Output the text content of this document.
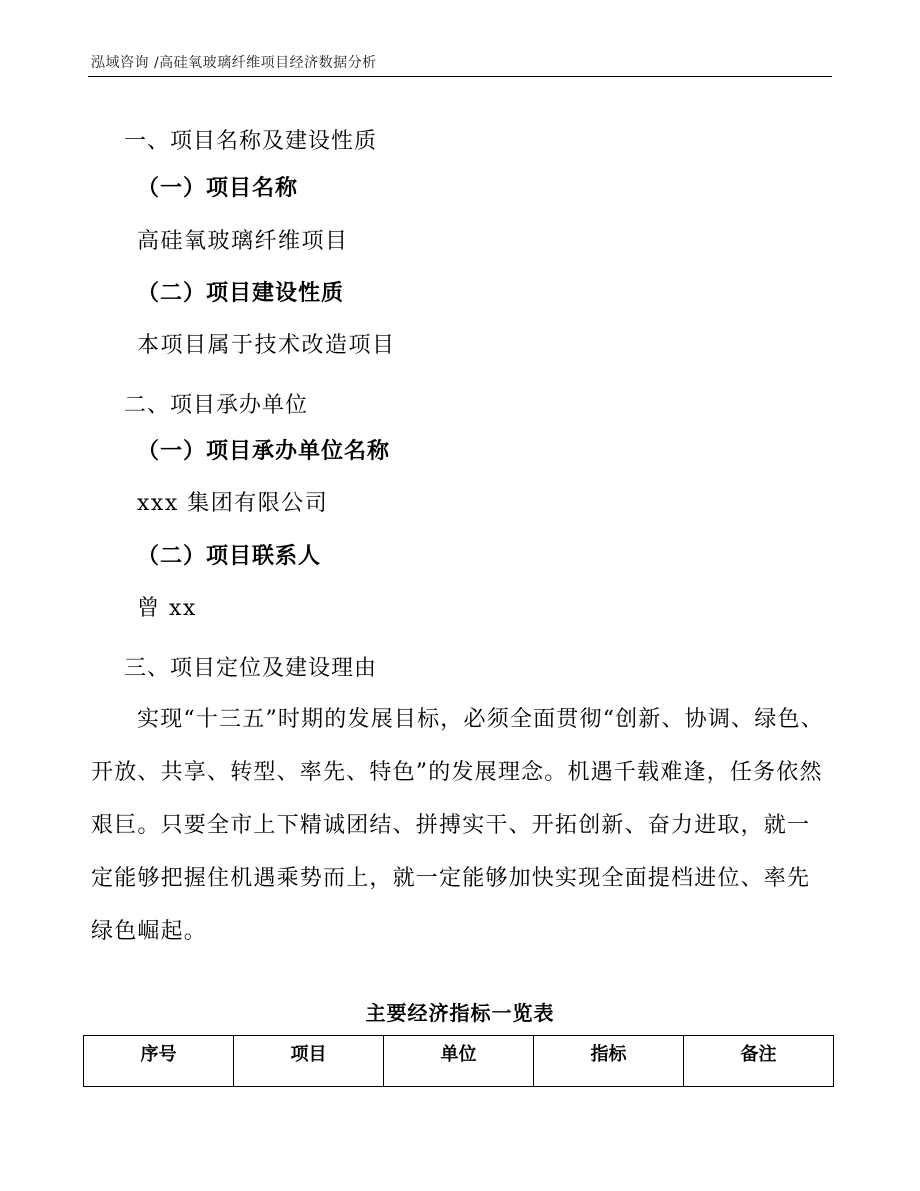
泓域咨询 /高硅氧玻璃纤维项目经济数据分析
一、项目名称及建设性质
（一）项目名称
高硅氧玻璃纤维项目
（二）项目建设性质
本项目属于技术改造项目
二、项目承办单位
（一）项目承办单位名称
xxx 集团有限公司
（二）项目联系人
曾 xx
三、项目定位及建设理由

实现“十三五”时期的发展目标，必须全面贯彻“创新、协调、绿色、开放、共享、转型、率先、特色”的发展理念。机遇千载难逢，任务依然艰巨。只要全市上下精诚团结、拼搏实干、开拓创新、奋力进取，就一定能够把握住机遇乘势而上，就一定能够加快实现全面提档进位、率先绿色崛起。

主要经济指标一览表
序号	项目	单位	指标	备注
